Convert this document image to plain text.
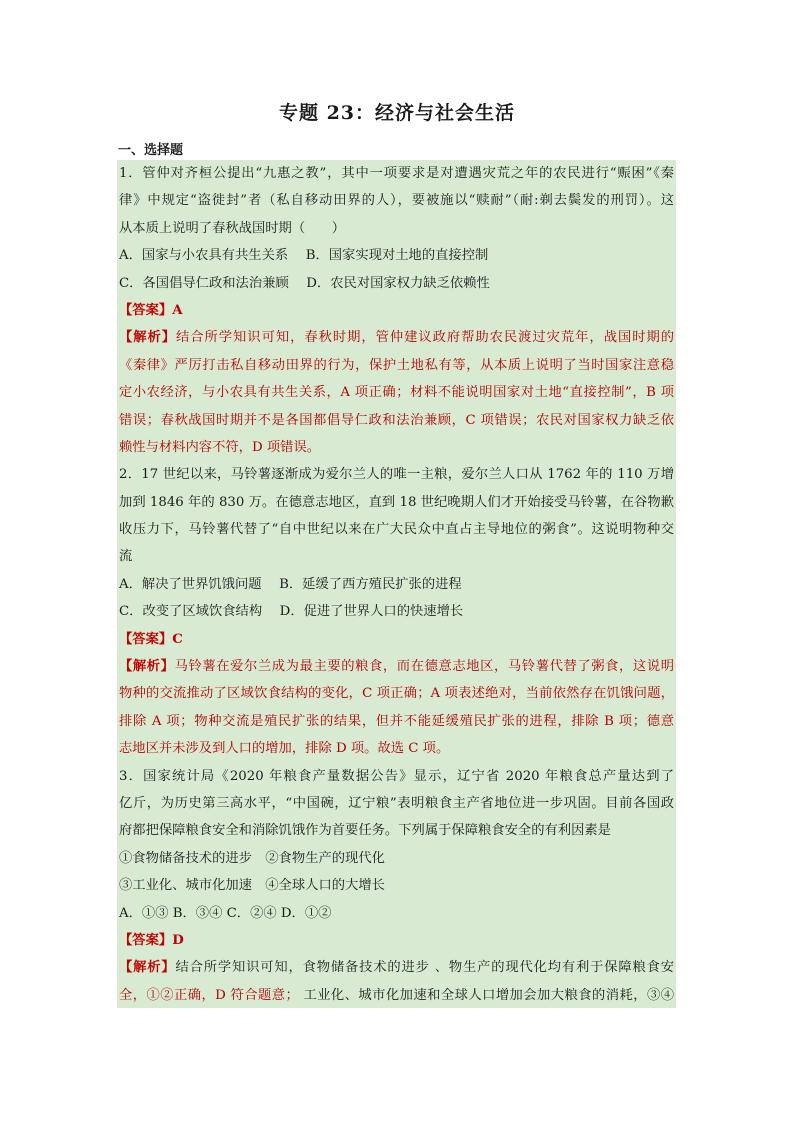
专题 23：经济与社会生活
一、选择题
1．管仲对齐桓公提出“九惠之教”，其中一项要求是对遭遇灾荒之年的农民进行“赈困”《秦
律》中规定“盗徙封”者（私自移动田界的人），要被施以“赎耐”（耐:剃去鬓发的刑罚）。这
从本质上说明了春秋战国时期（　　）
A．国家与小农具有共生关系　 B．国家实现对土地的直接控制
C．各国倡导仁政和法治兼顾　 D．农民对国家权力缺乏依赖性
【答案】A
【解析】结合所学知识可知，春秋时期，管仲建议政府帮助农民渡过灾荒年，战国时期的
《秦律》严厉打击私自移动田界的行为，保护土地私有等，从本质上说明了当时国家注意稳
定小农经济，与小农具有共生关系，A 项正确；材料不能说明国家对土地“直接控制”，B 项
错误；春秋战国时期并不是各国都倡导仁政和法治兼顾，C 项错误；农民对国家权力缺乏依
赖性与材料内容不符，D 项错误。
2．17 世纪以来，马铃薯逐渐成为爱尔兰人的唯一主粮，爱尔兰人口从 1762 年的 110 万增
加到 1846 年的 830 万。在德意志地区，直到 18 世纪晚期人们才开始接受马铃薯，在谷物歉
收压力下，马铃薯代替了“自中世纪以来在广大民众中直占主导地位的粥食”。这说明物种交
流
A．解决了世界饥饿问题　 B．延缓了西方殖民扩张的进程
C．改变了区域饮食结构　 D．促进了世界人口的快速增长
【答案】C
【解析】马铃薯在爱尔兰成为最主要的粮食，而在德意志地区，马铃薯代替了粥食，这说明
物种的交流推动了区域饮食结构的变化，C 项正确；A 项表述绝对，当前依然存在饥饿问题，
排除 A 项；物种交流是殖民扩张的结果，但并不能延缓殖民扩张的进程，排除 B 项；德意
志地区并未涉及到人口的增加，排除 D 项。故选 C 项。
3．国家统计局《2020 年粮食产量数据公告》显示，辽宁省 2020 年粮食总产量达到了
亿斤，为历史第三高水平，“中国碗，辽宁粮”表明粮食主产省地位进一步巩固。目前各国政
府都把保障粮食安全和消除饥饿作为首要任务。下列属于保障粮食安全的有利因素是
①食物储备技术的进步　②食物生产的现代化
③工业化、城市化加速　④全球人口的大增长
A．①③ B．③④ C．②④ D．①②
【答案】D
【解析】结合所学知识可知，食物储备技术的进步 、物生产的现代化均有利于保障粮食安
全，①②正确，D 符合题意； 工业化、城市化加速和全球人口增加会加大粮食的消耗，③④
